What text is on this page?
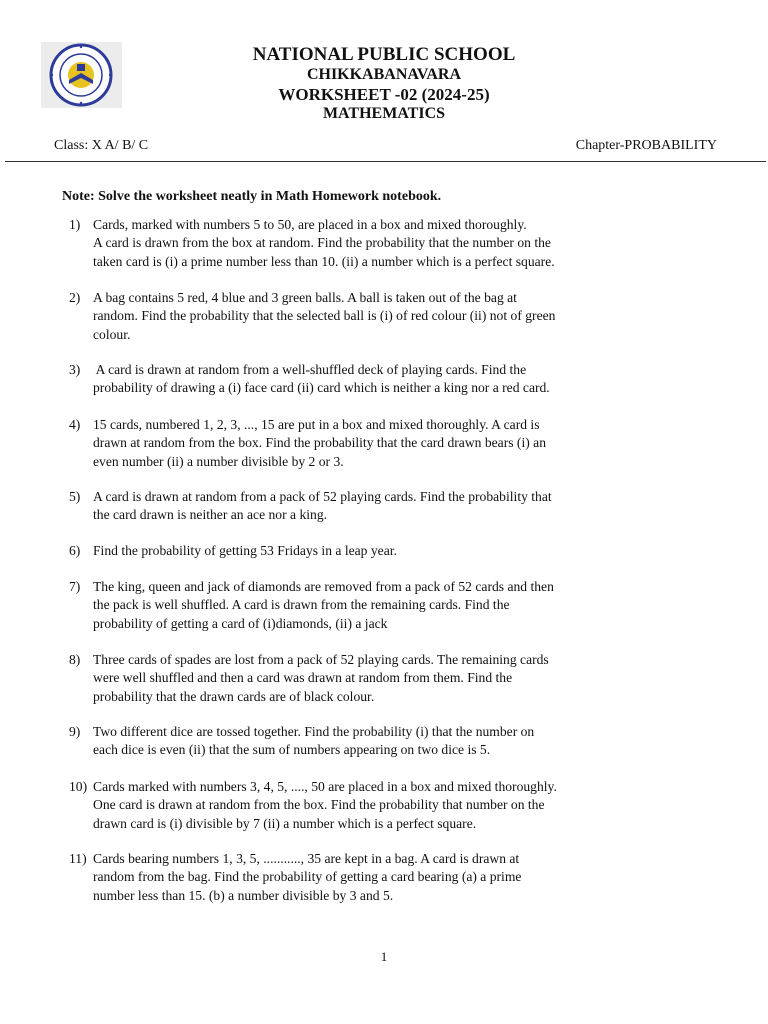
NATIONAL PUBLIC SCHOOL
CHIKKABANAVARA
WORKSHEET -02 (2024-25)
MATHEMATICS
Class: X A/ B/ C	Chapter-PROBABILITY
Note: Solve the worksheet neatly in Math Homework notebook.
1) Cards, marked with numbers 5 to 50, are placed in a box and mixed thoroughly.
A card is drawn from the box at random. Find the probability that the number on the
taken card is (i) a prime number less than 10. (ii) a number which is a perfect square.
2) A bag contains 5 red, 4 blue and 3 green balls. A ball is taken out of the bag at
random. Find the probability that the selected ball is (i) of red colour (ii) not of green
colour.
3) A card is drawn at random from a well-shuffled deck of playing cards. Find the
probability of drawing a (i) face card (ii) card which is neither a king nor a red card.
4) 15 cards, numbered 1, 2, 3, ..., 15 are put in a box and mixed thoroughly. A card is
drawn at random from the box. Find the probability that the card drawn bears (i) an
even number (ii) a number divisible by 2 or 3.
5) A card is drawn at random from a pack of 52 playing cards. Find the probability that
the card drawn is neither an ace nor a king.
6) Find the probability of getting 53 Fridays in a leap year.
7) The king, queen and jack of diamonds are removed from a pack of 52 cards and then
the pack is well shuffled. A card is drawn from the remaining cards. Find the
probability of getting a card of (i)diamonds, (ii) a jack
8) Three cards of spades are lost from a pack of 52 playing cards. The remaining cards
were well shuffled and then a card was drawn at random from them. Find the
probability that the drawn cards are of black colour.
9) Two different dice are tossed together. Find the probability (i) that the number on
each dice is even (ii) that the sum of numbers appearing on two dice is 5.
10) Cards marked with numbers 3, 4, 5, ...., 50 are placed in a box and mixed thoroughly.
One card is drawn at random from the box. Find the probability that number on the
drawn card is (i) divisible by 7 (ii) a number which is a perfect square.
11) Cards bearing numbers 1, 3, 5, ..........., 35 are kept in a bag. A card is drawn at
random from the bag. Find the probability of getting a card bearing (a) a prime
number less than 15. (b) a number divisible by 3 and 5.
1
